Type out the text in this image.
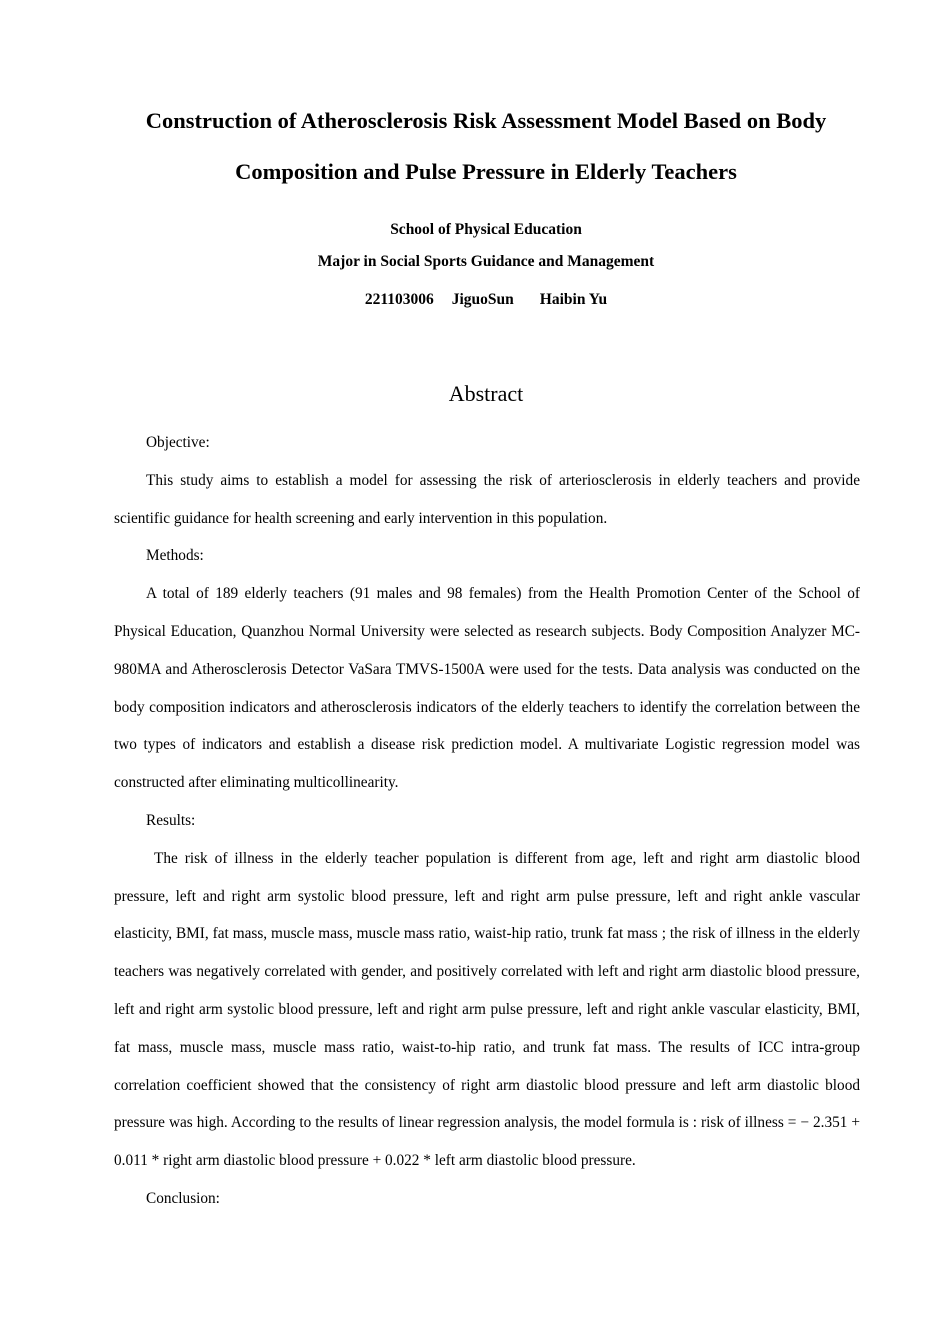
Construction of Atherosclerosis Risk Assessment Model Based on Body Composition and Pulse Pressure in Elderly Teachers

School of Physical Education

Major in Social Sports Guidance and Management

221103006 JiguoSun Haibin Yu

Abstract

Objective:

This study aims to establish a model for assessing the risk of arteriosclerosis in elderly teachers and provide scientific guidance for health screening and early intervention in this population.

Methods:

A total of 189 elderly teachers (91 males and 98 females) from the Health Promotion Center of the School of Physical Education, Quanzhou Normal University were selected as research subjects. Body Composition Analyzer MC-980MA and Atherosclerosis Detector VaSara TMVS-1500A were used for the tests. Data analysis was conducted on the body composition indicators and atherosclerosis indicators of the elderly teachers to identify the correlation between the two types of indicators and establish a disease risk prediction model. A multivariate Logistic regression model was constructed after eliminating multicollinearity.

Results:

The risk of illness in the elderly teacher population is different from age, left and right arm diastolic blood pressure, left and right arm systolic blood pressure, left and right arm pulse pressure, left and right ankle vascular elasticity, BMI, fat mass, muscle mass, muscle mass ratio, waist-hip ratio, trunk fat mass ; the risk of illness in the elderly teachers was negatively correlated with gender, and positively correlated with left and right arm diastolic blood pressure, left and right arm systolic blood pressure, left and right arm pulse pressure, left and right ankle vascular elasticity, BMI, fat mass, muscle mass, muscle mass ratio, waist-to-hip ratio, and trunk fat mass. The results of ICC intra-group correlation coefficient showed that the consistency of right arm diastolic blood pressure and left arm diastolic blood pressure was high. According to the results of linear regression analysis, the model formula is : risk of illness = − 2.351 + 0.011 * right arm diastolic blood pressure + 0.022 * left arm diastolic blood pressure.

Conclusion:
